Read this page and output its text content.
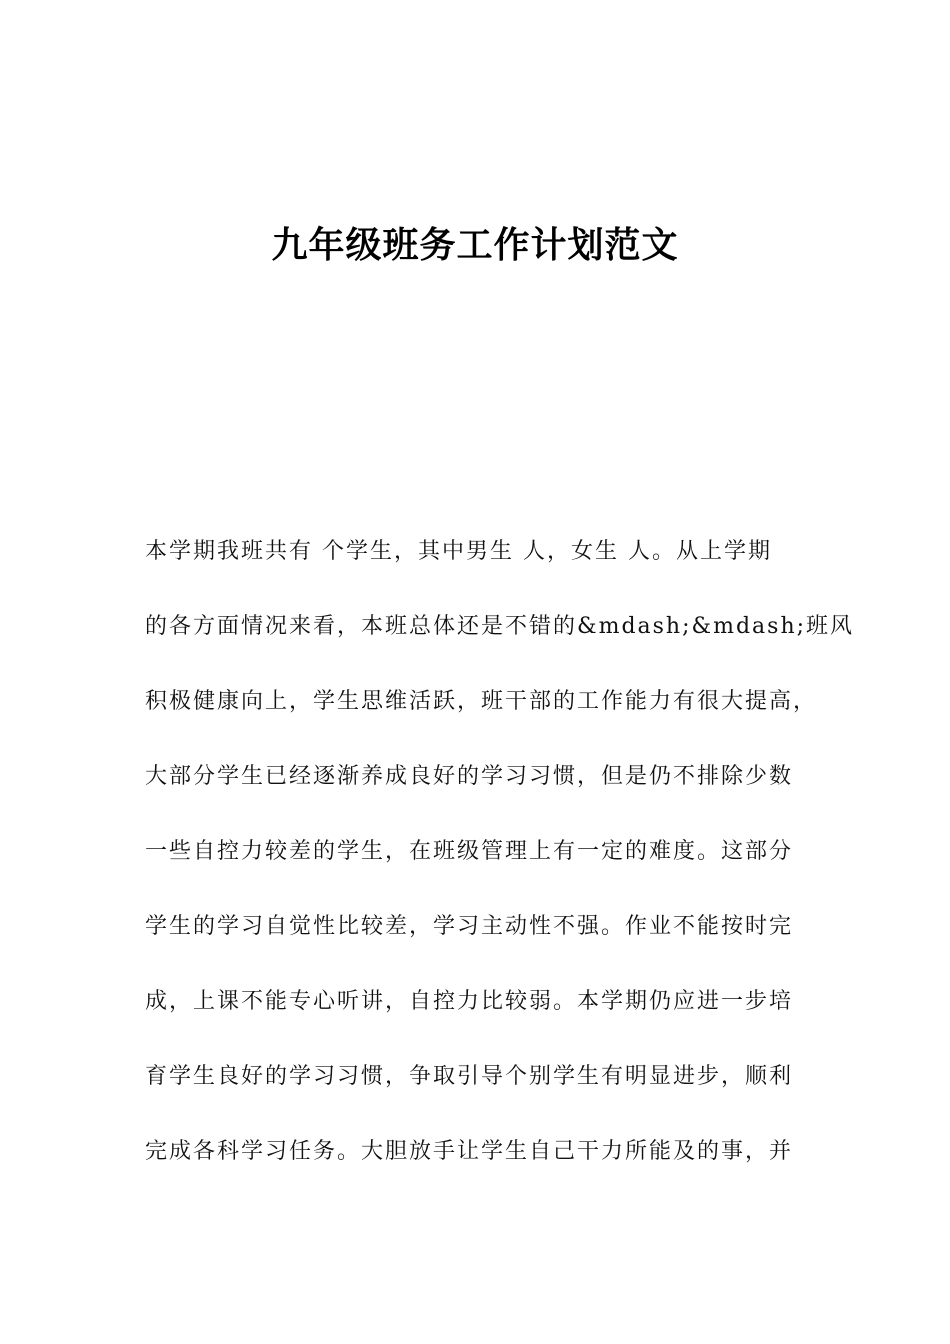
九年级班务工作计划范文
本学期我班共有 个学生，其中男生 人，女生 人。从上学期
的各方面情况来看，本班总体还是不错的&mdash;&mdash;班风
积极健康向上，学生思维活跃，班干部的工作能力有很大提高，
大部分学生已经逐渐养成良好的学习习惯，但是仍不排除少数
一些自控力较差的学生，在班级管理上有一定的难度。这部分
学生的学习自觉性比较差，学习主动性不强。作业不能按时完
成，上课不能专心听讲，自控力比较弱。本学期仍应进一步培
育学生良好的学习习惯，争取引导个别学生有明显进步，顺利
完成各科学习任务。大胆放手让学生自己干力所能及的事，并
